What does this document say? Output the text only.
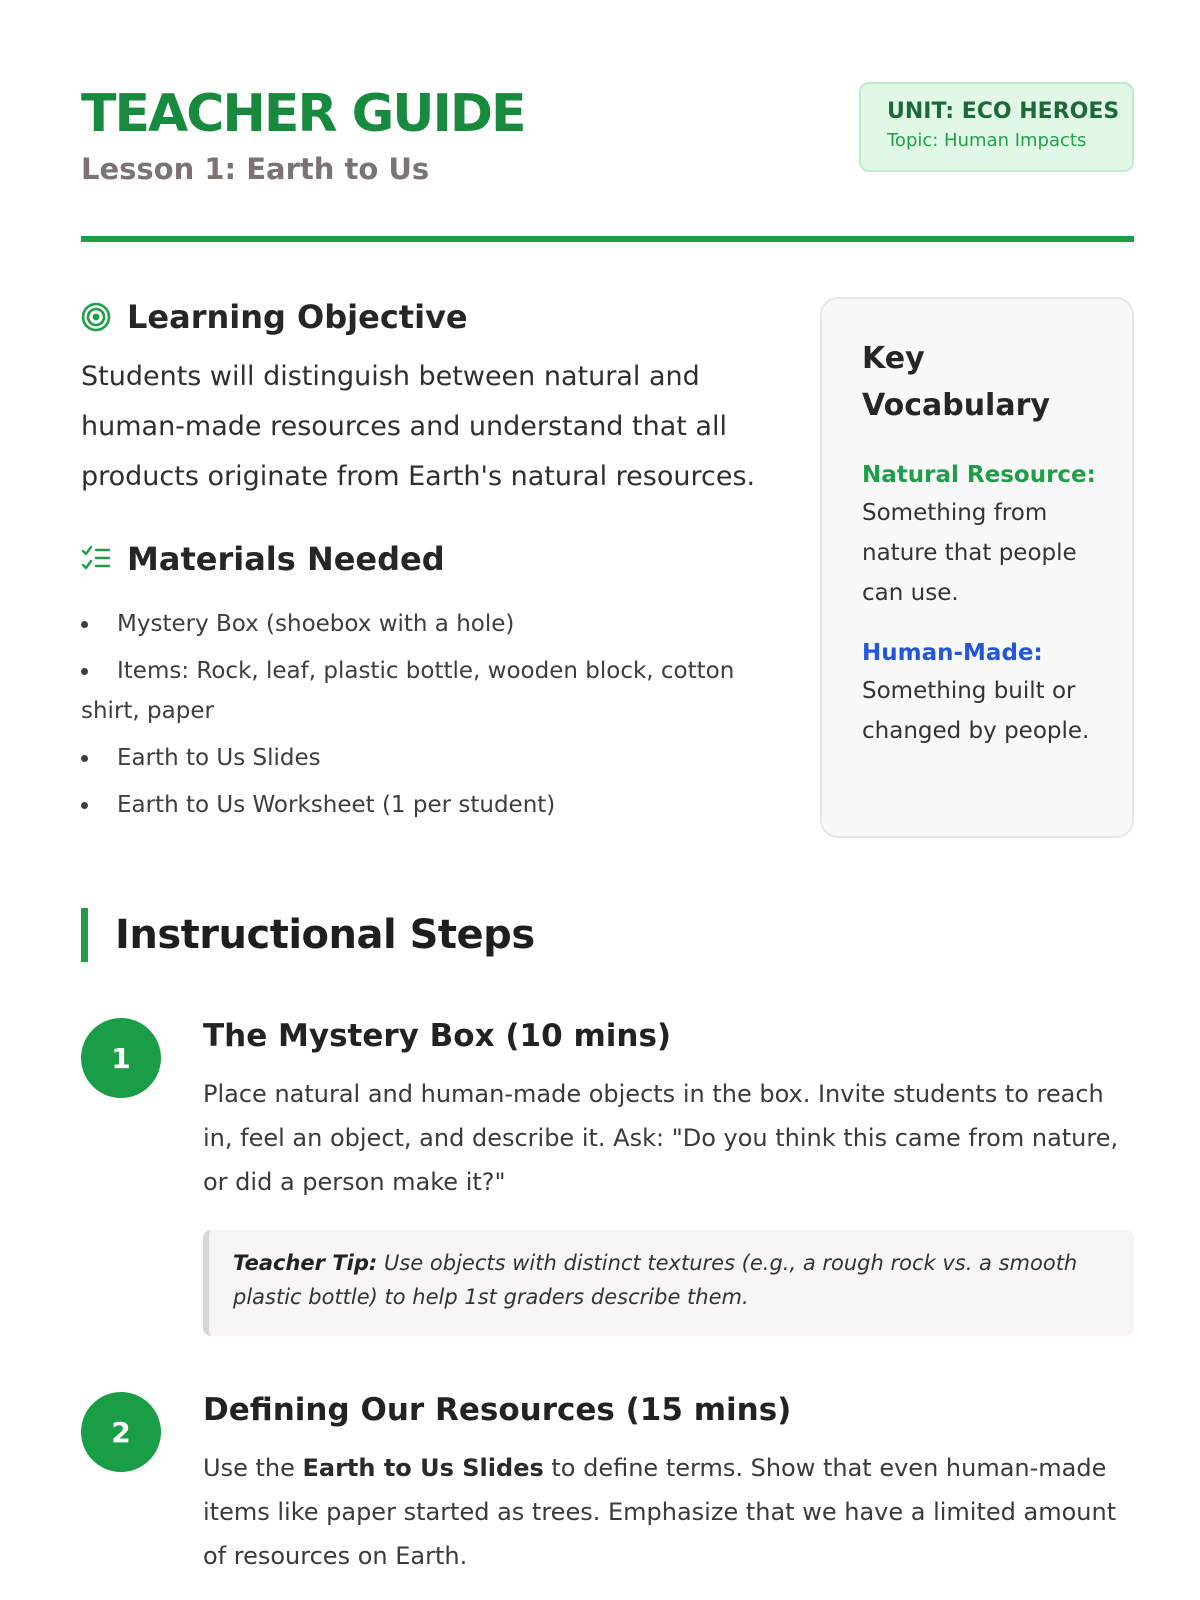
TEACHER GUIDE
Lesson 1: Earth to Us
UNIT: ECO HEROES
Topic: Human Impacts
Learning Objective

Students will distinguish between natural and human-made resources and understand that all products originate from Earth's natural resources.

Materials Needed
Mystery Box (shoebox with a hole)
Items: Rock, leaf, plastic bottle, wooden block, cotton shirt, paper
Earth to Us Slides
Earth to Us Worksheet (1 per student)
Key Vocabulary
Natural Resource:
Something from nature that people can use.
Human-Made:
Something built or changed by people.
Instructional Steps
1
The Mystery Box (10 mins)

Place natural and human-made objects in the box. Invite students to reach in, feel an object, and describe it. Ask: "Do you think this came from nature, or did a person make it?"

Teacher Tip: Use objects with distinct textures (e.g., a rough rock vs. a smooth plastic bottle) to help 1st graders describe them.
2
Defining Our Resources (15 mins)

Use the Earth to Us Slides to define terms. Show that even human-made items like paper started as trees. Emphasize that we have a limited amount of resources on Earth.
